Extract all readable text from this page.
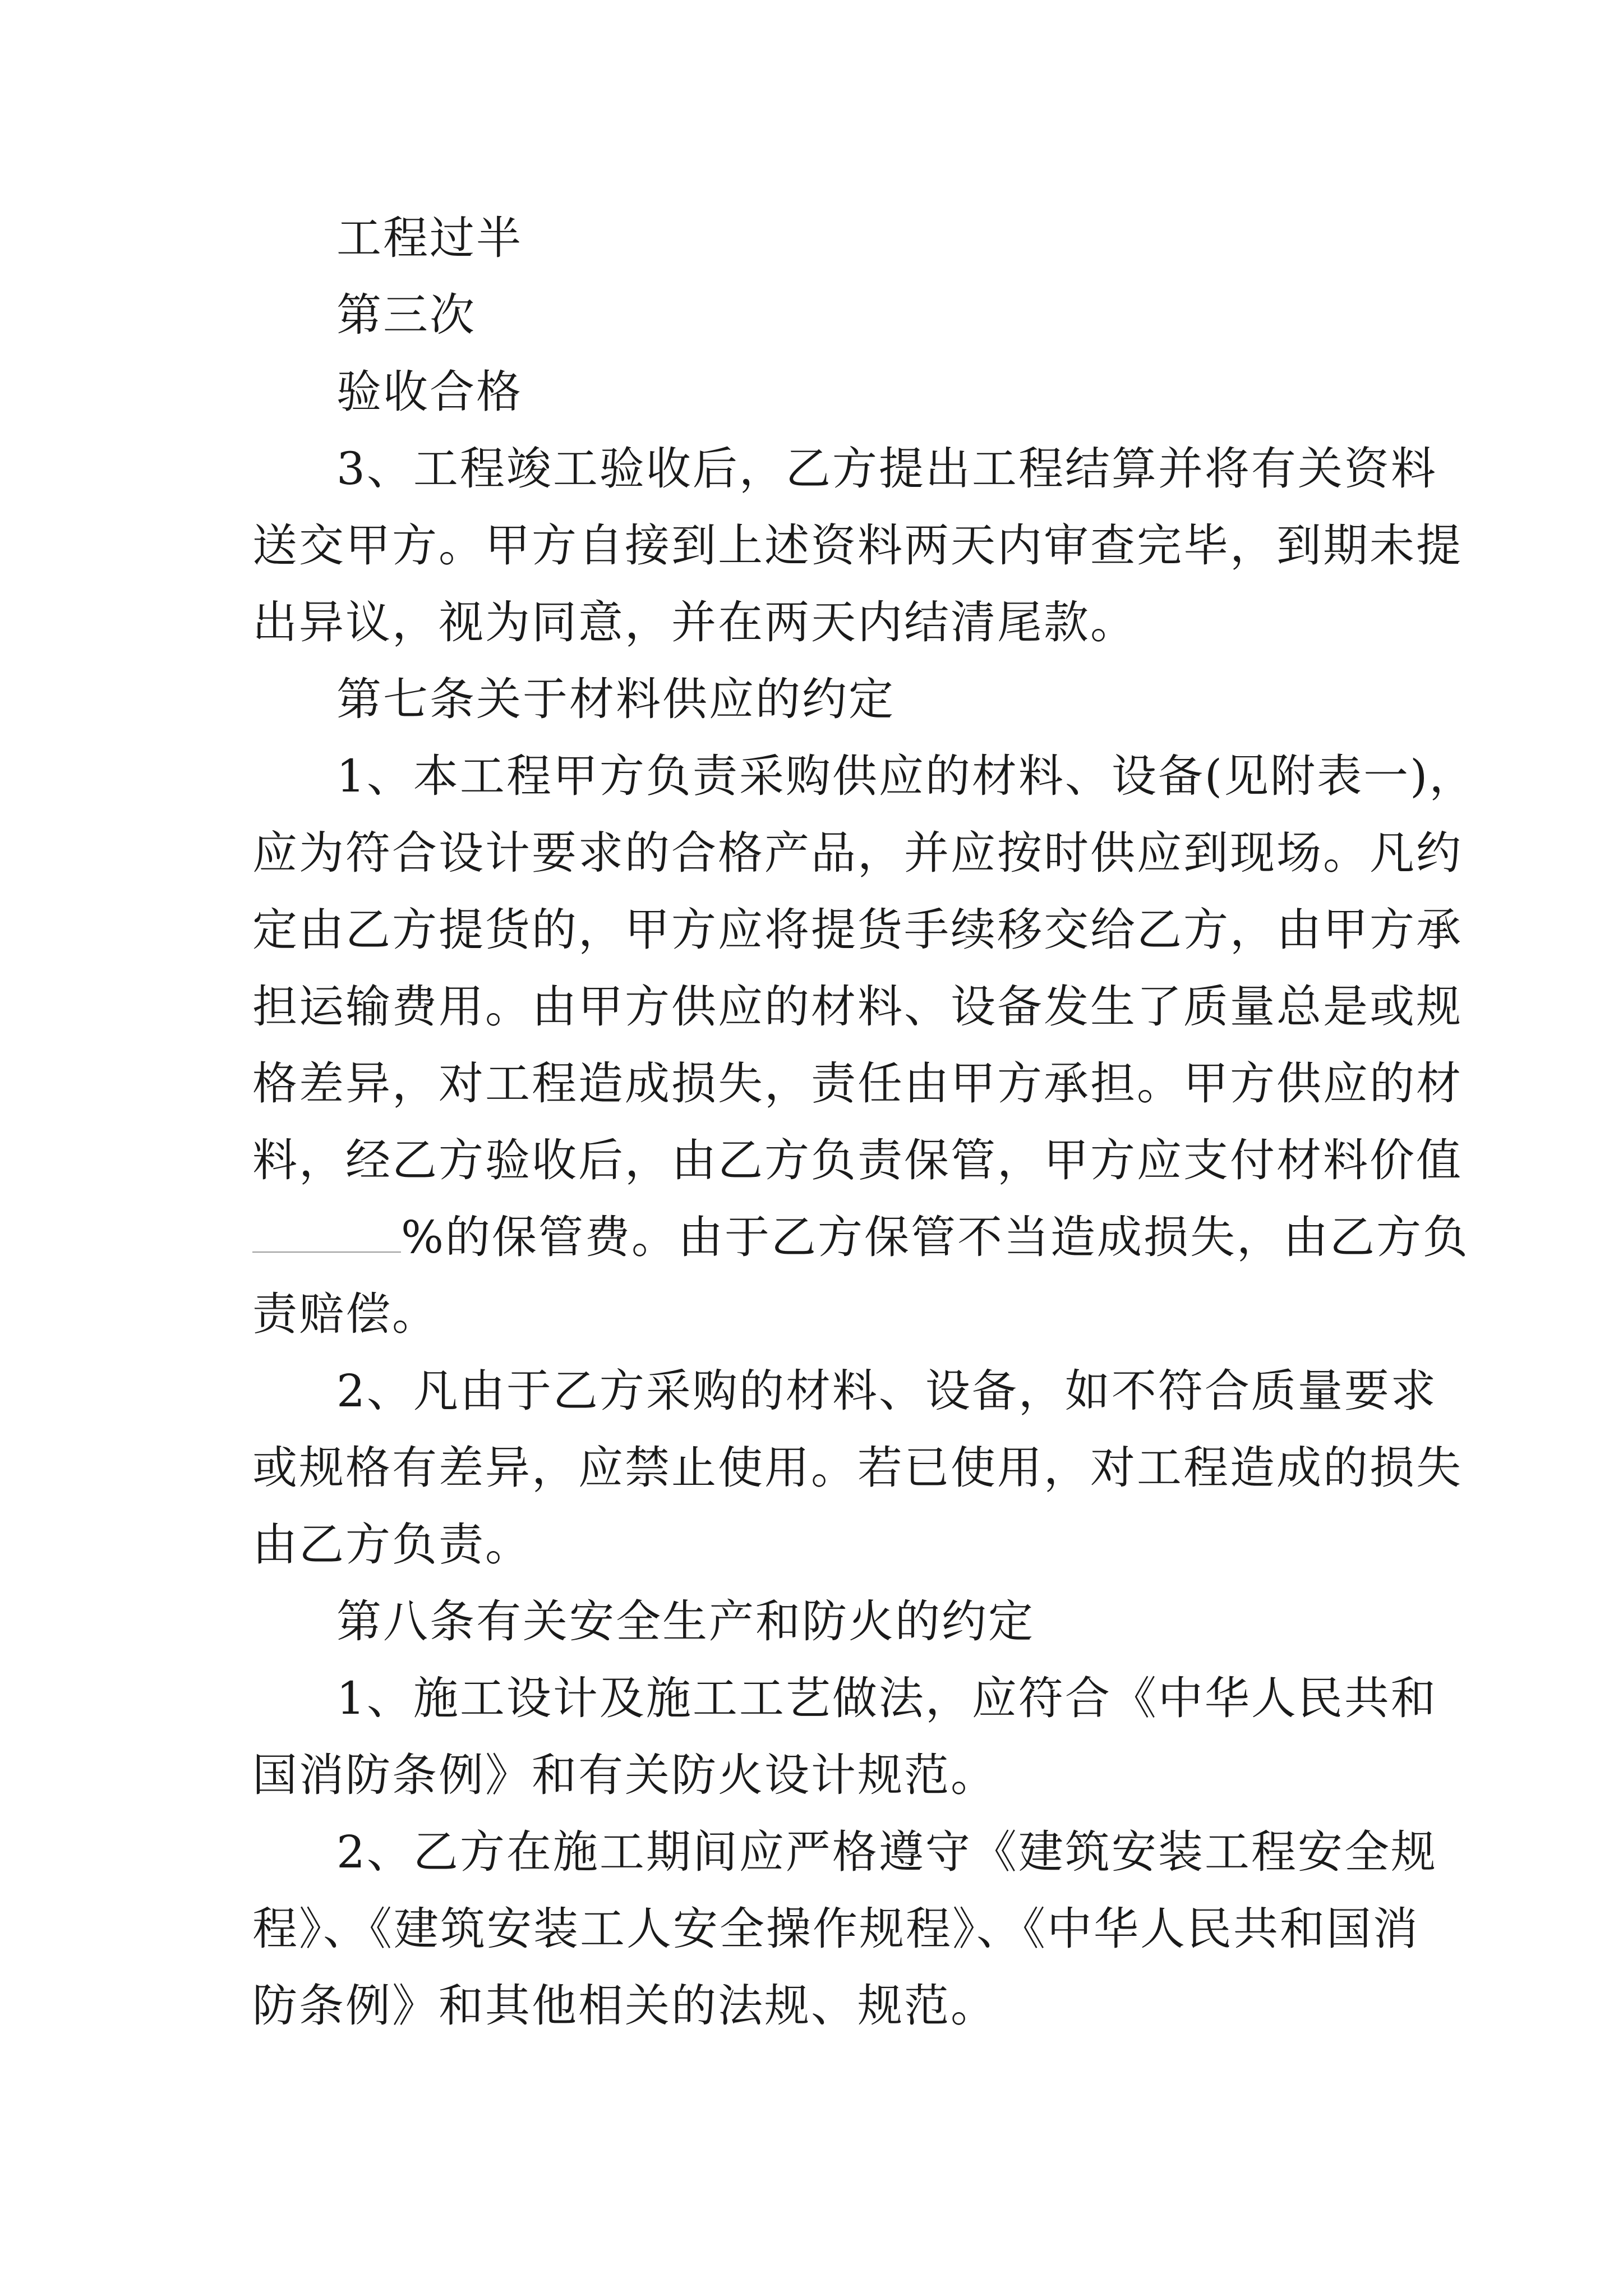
工程过半
第三次
验收合格
3、工程竣工验收后，乙方提出工程结算并将有关资料
送交甲方。甲方自接到上述资料两天内审查完毕，到期未提
出异议，视为同意，并在两天内结清尾款。
第七条关于材料供应的约定
1、本工程甲方负责采购供应的材料、设备(见附表一)，
应为符合设计要求的合格产品，并应按时供应到现场。凡约
定由乙方提货的，甲方应将提货手续移交给乙方，由甲方承
担运输费用。由甲方供应的材料、设备发生了质量总是或规
格差异，对工程造成损失，责任由甲方承担。甲方供应的材
料，经乙方验收后，由乙方负责保管，甲方应支付材料价值
%的保管费。由于乙方保管不当造成损失，由乙方负
责赔偿。
2、凡由于乙方采购的材料、设备，如不符合质量要求
或规格有差异，应禁止使用。若已使用，对工程造成的损失
由乙方负责。
第八条有关安全生产和防火的约定
1、施工设计及施工工艺做法，应符合《中华人民共和
国消防条例》和有关防火设计规范。
2、乙方在施工期间应严格遵守《建筑安装工程安全规
程》、《建筑安装工人安全操作规程》、《中华人民共和国消
防条例》和其他相关的法规、规范。
